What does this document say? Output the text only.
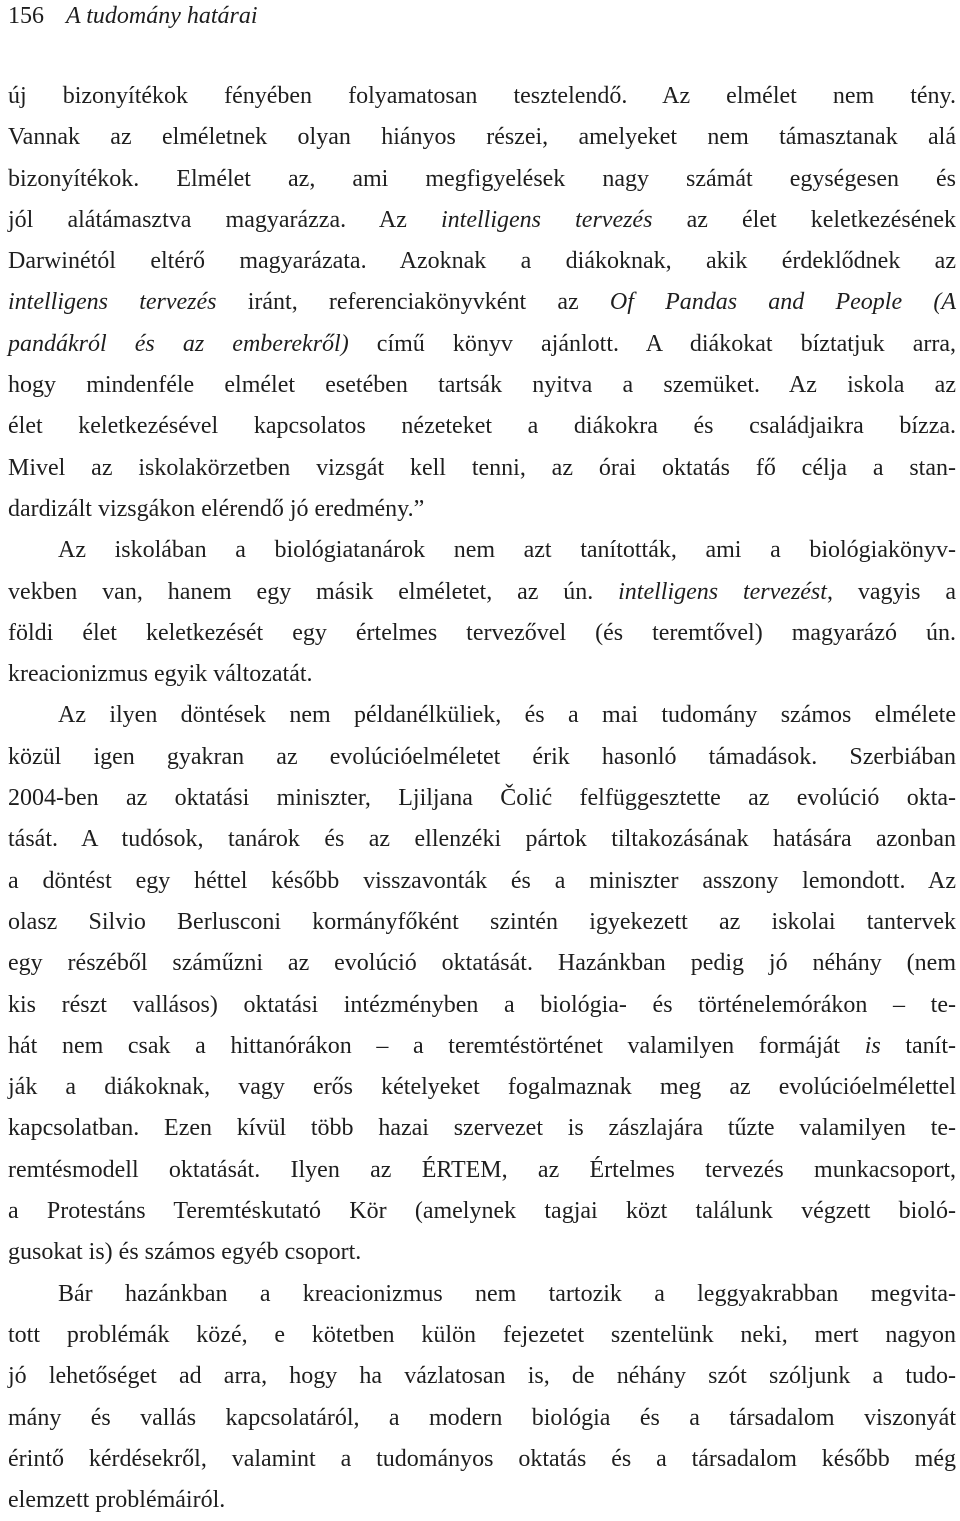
156 A tudomány határai

új bizonyítékok fényében folyamatosan tesztelendő. Az elmélet nem tény.
Vannak az elméletnek olyan hiányos részei, amelyeket nem támasztanak alá
bizonyítékok. Elmélet az, ami megfigyelések nagy számát egységesen és
jól alátámasztva magyarázza. Az intelligens tervezés az élet keletkezésének
Darwinétól eltérő magyarázata. Azoknak a diákoknak, akik érdeklődnek az
intelligens tervezés iránt, referenciakönyvként az Of Pandas and People (A
pandákról és az emberekről) című könyv ajánlott. A diákokat bíztatjuk arra,
hogy mindenféle elmélet esetében tartsák nyitva a szemüket. Az iskola az
élet keletkezésével kapcsolatos nézeteket a diákokra és családjaikra bízza.
Mivel az iskolakörzetben vizsgát kell tenni, az órai oktatás fő célja a stan-
dardizált vizsgákon elérendő jó eredmény.”

Az iskolában a biológiatanárok nem azt tanították, ami a biológiakönyv-
vekben van, hanem egy másik elméletet, az ún. intelligens tervezést, vagyis a
földi élet keletkezését egy értelmes tervezővel (és teremtővel) magyarázó ún.
kreacionizmus egyik változatát.

Az ilyen döntések nem példanélküliek, és a mai tudomány számos elmélete
közül igen gyakran az evolúcióelméletet érik hasonló támadások. Szerbiában
2004-ben az oktatási miniszter, Ljiljana Čolić felfüggesztette az evolúció okta-
tását. A tudósok, tanárok és az ellenzéki pártok tiltakozásának hatására azonban
a döntést egy héttel később visszavonták és a miniszter asszony lemondott. Az
olasz Silvio Berlusconi kormányfőként szintén igyekezett az iskolai tantervek
egy részéből száműzni az evolúció oktatását. Hazánkban pedig jó néhány (nem
kis részt vallásos) oktatási intézményben a biológia- és történelemórákon – te-
hát nem csak a hittanórákon – a teremtéstörténet valamilyen formáját is tanít-
ják a diákoknak, vagy erős kételyeket fogalmaznak meg az evolúcióelmélettel
kapcsolatban. Ezen kívül több hazai szervezet is zászlajára tűzte valamilyen te-
remtésmodell oktatását. Ilyen az ÉRTEM, az Értelmes tervezés munkacsoport,
a Protestáns Teremtéskutató Kör (amelynek tagjai közt találunk végzett bioló-
gusokat is) és számos egyéb csoport.

Bár hazánkban a kreacionizmus nem tartozik a leggyakrabban megvita-
tott problémák közé, e kötetben külön fejezetet szentelünk neki, mert nagyon
jó lehetőséget ad arra, hogy ha vázlatosan is, de néhány szót szóljunk a tudo-
mány és vallás kapcsolatáról, a modern biológia és a társadalom viszonyát
érintő kérdésekről, valamint a tudományos oktatás és a társadalom később még
elemzett problémáiról.
